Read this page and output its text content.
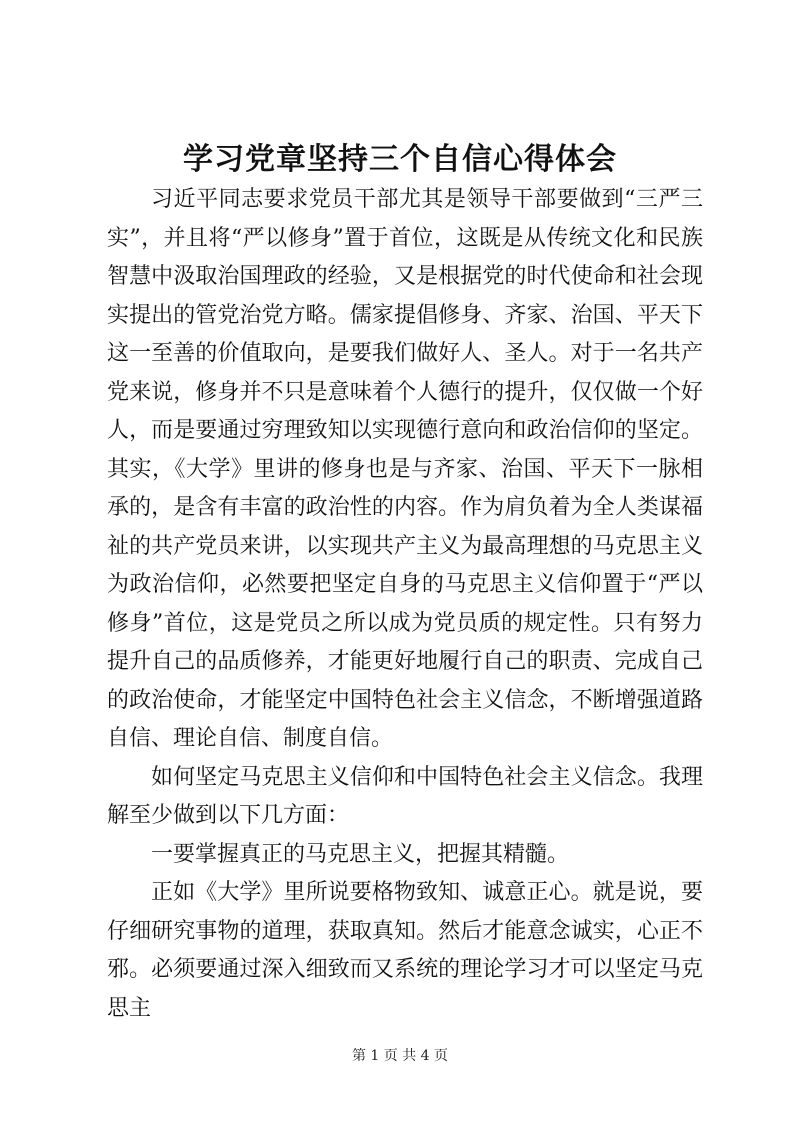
学习党章坚持三个自信心得体会

习近平同志要求党员干部尤其是领导干部要做到“三严三实”，并且将“严以修身”置于首位，这既是从传统文化和民族智慧中汲取治国理政的经验，又是根据党的时代使命和社会现实提出的管党治党方略。儒家提倡修身、齐家、治国、平天下这一至善的价值取向，是要我们做好人、圣人。对于一名共产党来说，修身并不只是意味着个人德行的提升，仅仅做一个好人，而是要通过穷理致知以实现德行意向和政治信仰的坚定。其实，《大学》里讲的修身也是与齐家、治国、平天下一脉相承的，是含有丰富的政治性的内容。作为肩负着为全人类谋福祉的共产党员来讲，以实现共产主义为最高理想的马克思主义为政治信仰，必然要把坚定自身的马克思主义信仰置于“严以修身”首位，这是党员之所以成为党员质的规定性。只有努力提升自己的品质修养，才能更好地履行自己的职责、完成自己的政治使命，才能坚定中国特色社会主义信念，不断增强道路自信、理论自信、制度自信。

如何坚定马克思主义信仰和中国特色社会主义信念。我理解至少做到以下几方面：

一要掌握真正的马克思主义，把握其精髓。

正如《大学》里所说要格物致知、诚意正心。就是说，要仔细研究事物的道理，获取真知。然后才能意念诚实，心正不邪。必须要通过深入细致而又系统的理论学习才可以坚定马克思主

第 1 页 共 4 页
